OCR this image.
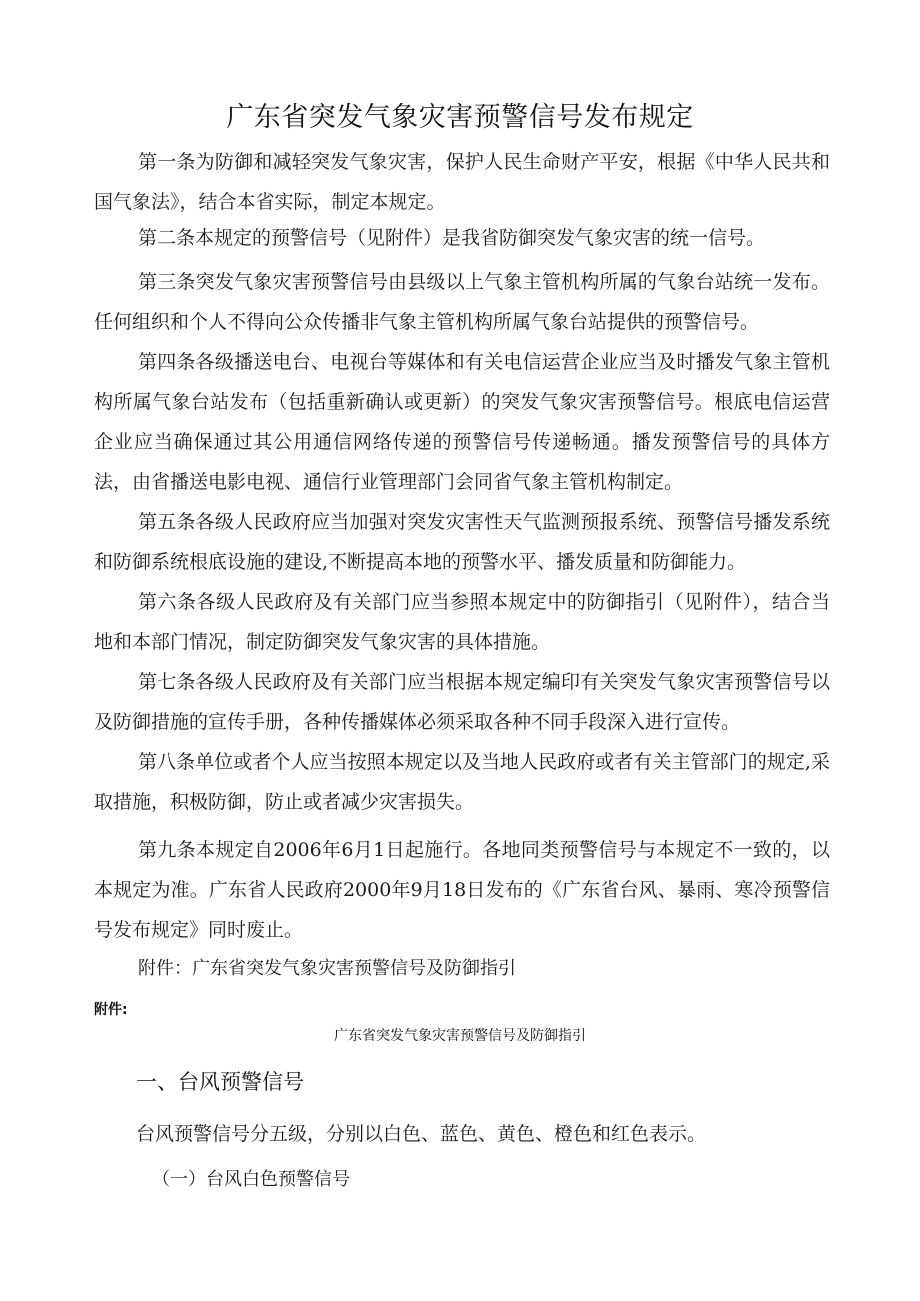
广东省突发气象灾害预警信号发布规定

第一条为防御和减轻突发气象灾害，保护人民生命财产平安，根据《中华人民共和国气象法》，结合本省实际，制定本规定。

第二条本规定的预警信号（见附件）是我省防御突发气象灾害的统一信号。

第三条突发气象灾害预警信号由县级以上气象主管机构所属的气象台站统一发布。任何组织和个人不得向公众传播非气象主管机构所属气象台站提供的预警信号。

第四条各级播送电台、电视台等媒体和有关电信运营企业应当及时播发气象主管机构所属气象台站发布（包括重新确认或更新）的突发气象灾害预警信号。根底电信运营企业应当确保通过其公用通信网络传递的预警信号传递畅通。播发预警信号的具体方法，由省播送电影电视、通信行业管理部门会同省气象主管机构制定。

第五条各级人民政府应当加强对突发灾害性天气监测预报系统、预警信号播发系统和防御系统根底设施的建设,不断提高本地的预警水平、播发质量和防御能力。

第六条各级人民政府及有关部门应当参照本规定中的防御指引（见附件），结合当地和本部门情况，制定防御突发气象灾害的具体措施。

第七条各级人民政府及有关部门应当根据本规定编印有关突发气象灾害预警信号以及防御措施的宣传手册，各种传播媒体必须采取各种不同手段深入进行宣传。

第八条单位或者个人应当按照本规定以及当地人民政府或者有关主管部门的规定,采取措施，积极防御，防止或者减少灾害损失。

第九条本规定自2006年6月1日起施行。各地同类预警信号与本规定不一致的，以本规定为准。广东省人民政府2000年9月18日发布的《广东省台风、暴雨、寒冷预警信号发布规定》同时废止。

附件：广东省突发气象灾害预警信号及防御指引
附件:
广东省突发气象灾害预警信号及防御指引
一、台风预警信号
台风预警信号分五级，分别以白色、蓝色、黄色、橙色和红色表示。
（一）台风白色预警信号
